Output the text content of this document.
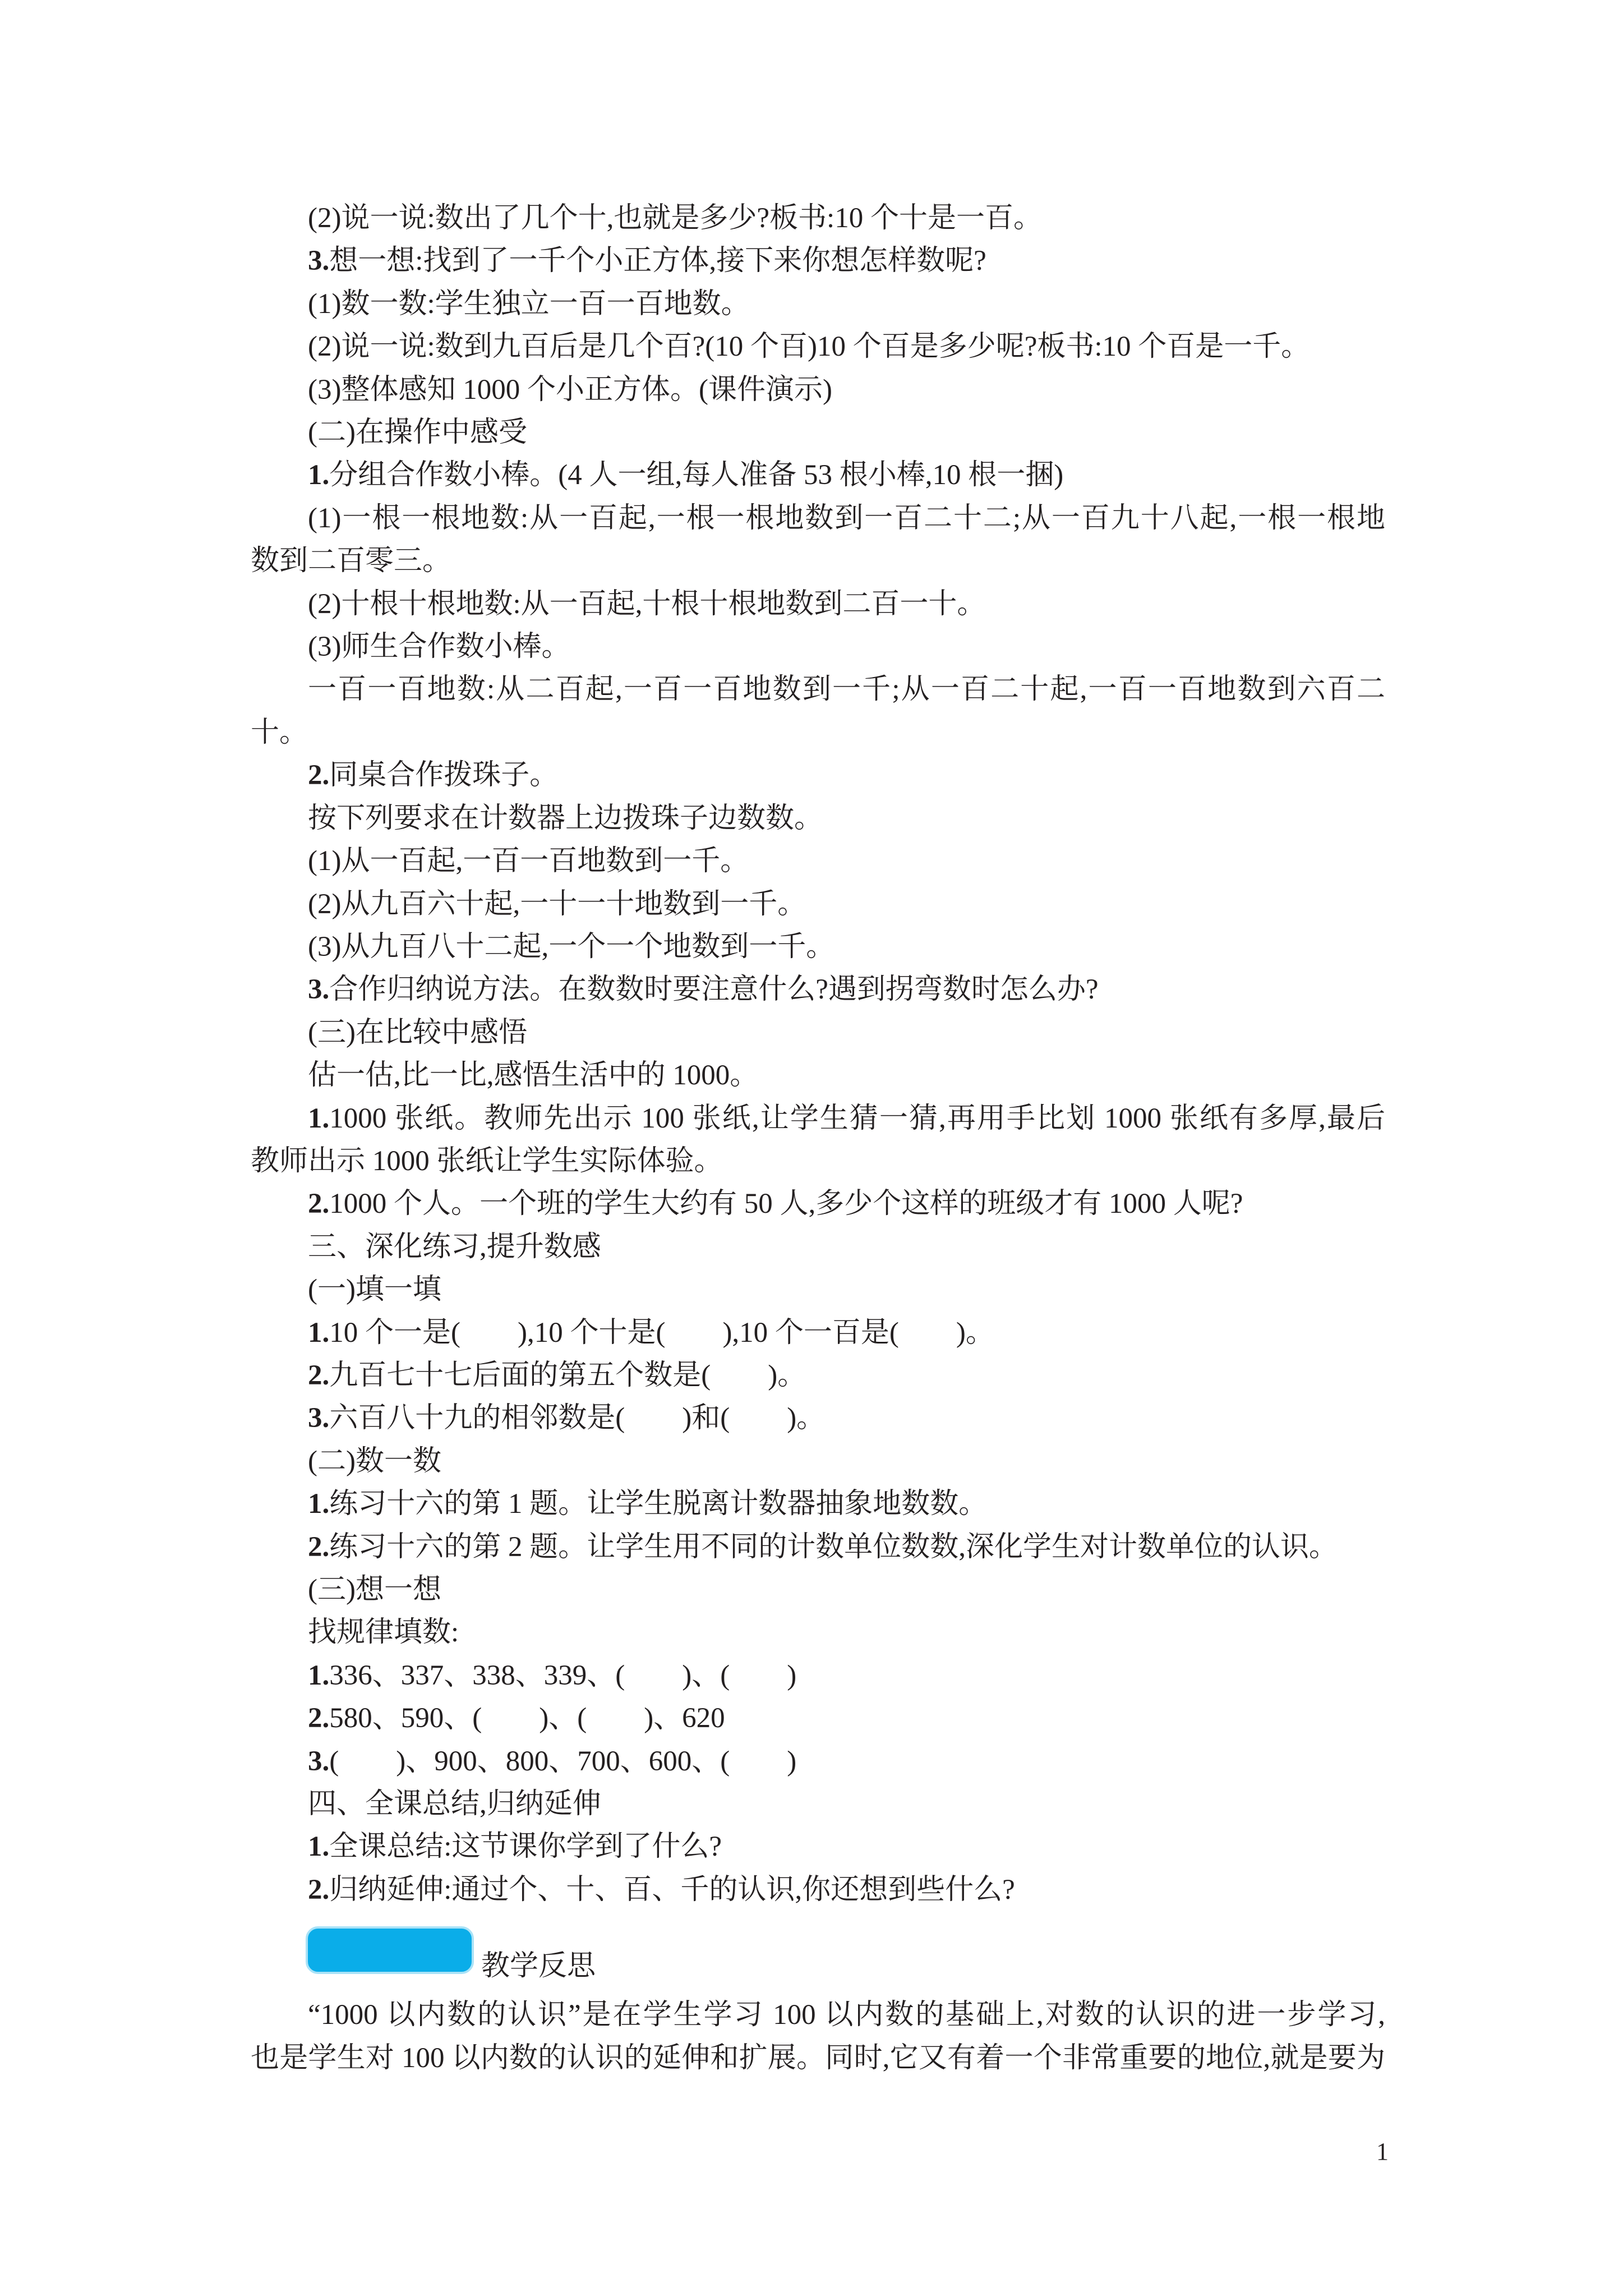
(2)说一说:数出了几个十,也就是多少?板书:10 个十是一百。
3.想一想:找到了一千个小正方体,接下来你想怎样数呢?
(1)数一数:学生独立一百一百地数。
(2)说一说:数到九百后是几个百?(10 个百)10 个百是多少呢?板书:10 个百是一千。
(3)整体感知 1000 个小正方体。(课件演示)
(二)在操作中感受
1.分组合作数小棒。(4 人一组,每人准备 53 根小棒,10 根一捆)
(1)一根一根地数:从一百起,一根一根地数到一百二十二;从一百九十八起,一根一根地
数到二百零三。
(2)十根十根地数:从一百起,十根十根地数到二百一十。
(3)师生合作数小棒。
一百一百地数:从二百起,一百一百地数到一千;从一百二十起,一百一百地数到六百二
十。
2.同桌合作拨珠子。
按下列要求在计数器上边拨珠子边数数。
(1)从一百起,一百一百地数到一千。
(2)从九百六十起,一十一十地数到一千。
(3)从九百八十二起,一个一个地数到一千。
3.合作归纳说方法。在数数时要注意什么?遇到拐弯数时怎么办?
(三)在比较中感悟
估一估,比一比,感悟生活中的 1000。
1.1000 张纸。教师先出示 100 张纸,让学生猜一猜,再用手比划 1000 张纸有多厚,最后
教师出示 1000 张纸让学生实际体验。
2.1000 个人。一个班的学生大约有 50 人,多少个这样的班级才有 1000 人呢?
三、深化练习,提升数感
(一)填一填
1.10 个一是(　　),10 个十是(　　),10 个一百是(　　)。
2.九百七十七后面的第五个数是(　　)。
3.六百八十九的相邻数是(　　)和(　　)。
(二)数一数
1.练习十六的第 1 题。让学生脱离计数器抽象地数数。
2.练习十六的第 2 题。让学生用不同的计数单位数数,深化学生对计数单位的认识。
(三)想一想
找规律填数:
1.336、337、338、339、(　　)、(　　)
2.580、590、(　　)、(　　)、620
3.(　　)、900、800、700、600、(　　)
四、全课总结,归纳延伸
1.全课总结:这节课你学到了什么?
2.归纳延伸:通过个、十、百、千的认识,你还想到些什么?
教学反思
“1000 以内数的认识”是在学生学习 100 以内数的基础上,对数的认识的进一步学习,
也是学生对 100 以内数的认识的延伸和扩展。同时,它又有着一个非常重要的地位,就是要为
1
